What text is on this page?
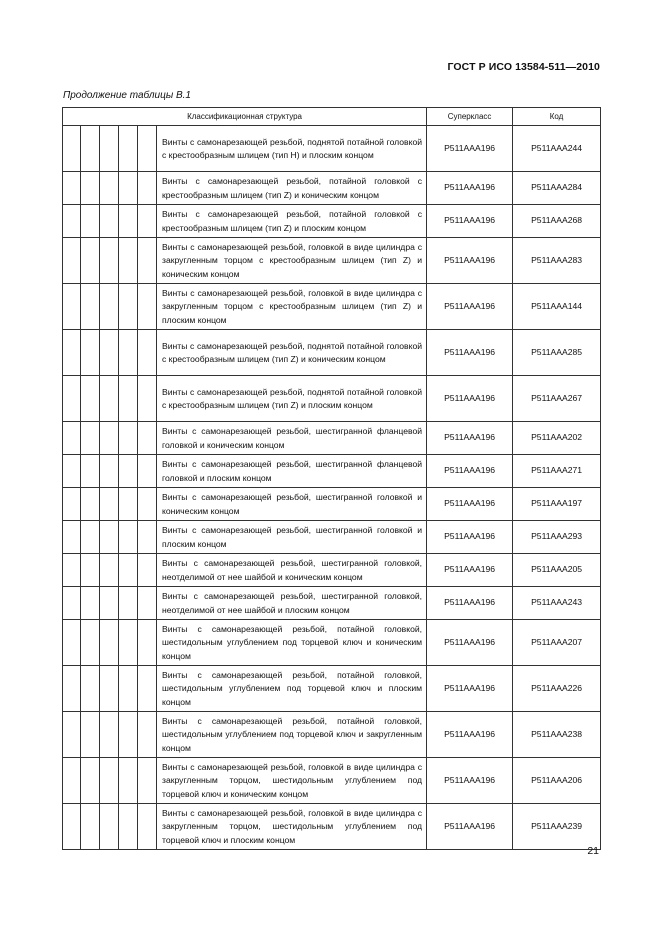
ГОСТ Р ИСО 13584-511—2010
Продолжение таблицы В.1
Классификационная структура						Суперкласс	Код
					Винты с самонарезающей резьбой, поднятой потайной головкой с крестообразным шлицем (тип H) и плоским концом	P511AAA196	P511AAA244
					Винты с самонарезающей резьбой, потайной головкой с крестообразным шлицем (тип Z) и коническим концом	P511AAA196	P511AAA284
					Винты с самонарезающей резьбой, потайной головкой с крестообразным шлицем (тип Z) и плоским концом	P511AAA196	P511AAA268
					Винты с самонарезающей резьбой, головкой в виде цилиндра с закругленным торцом с крестообразным шлицем (тип Z) и коническим концом	P511AAA196	P511AAA283
					Винты с самонарезающей резьбой, головкой в виде цилиндра с закругленным торцом с крестообразным шлицем (тип Z) и плоским концом	P511AAA196	P511AAA144
					Винты с самонарезающей резьбой, поднятой потайной головкой с крестообразным шлицем (тип Z) и коническим концом	P511AAA196	P511AAA285
					Винты с самонарезающей резьбой, поднятой потайной головкой с крестообразным шлицем (тип Z) и плоским концом	P511AAA196	P511AAA267
					Винты с самонарезающей резьбой, шестигранной фланцевой головкой и коническим концом	P511AAA196	P511AAA202
					Винты с самонарезающей резьбой, шестигранной фланцевой головкой и плоским концом	P511AAA196	P511AAA271
					Винты с самонарезающей резьбой, шестигранной головкой и коническим концом	P511AAA196	P511AAA197
					Винты с самонарезающей резьбой, шестигранной головкой и плоским концом	P511AAA196	P511AAA293
					Винты с самонарезающей резьбой, шестигранной головкой, неотделимой от нее шайбой и коническим концом	P511AAA196	P511AAA205
					Винты с самонарезающей резьбой, шестигранной головкой, неотделимой от нее шайбой и плоским концом	P511AAA196	P511AAA243
					Винты с самонарезающей резьбой, потайной головкой, шестидольным углублением под торцевой ключ и коническим концом	P511AAA196	P511AAA207
					Винты с самонарезающей резьбой, потайной головкой, шестидольным углублением под торцевой ключ и плоским концом	P511AAA196	P511AAA226
					Винты с самонарезающей резьбой, потайной головкой, шестидольным углублением под торцевой ключ и закругленным концом	P511AAA196	P511AAA238
					Винты с самонарезающей резьбой, головкой в виде цилиндра с закругленным торцом, шестидольным углублением под торцевой ключ и коническим концом	P511AAA196	P511AAA206
					Винты с самонарезающей резьбой, головкой в виде цилиндра с закругленным торцом, шестидольным углублением под торцевой ключ и плоским концом	P511AAA196	P511AAA239
21
